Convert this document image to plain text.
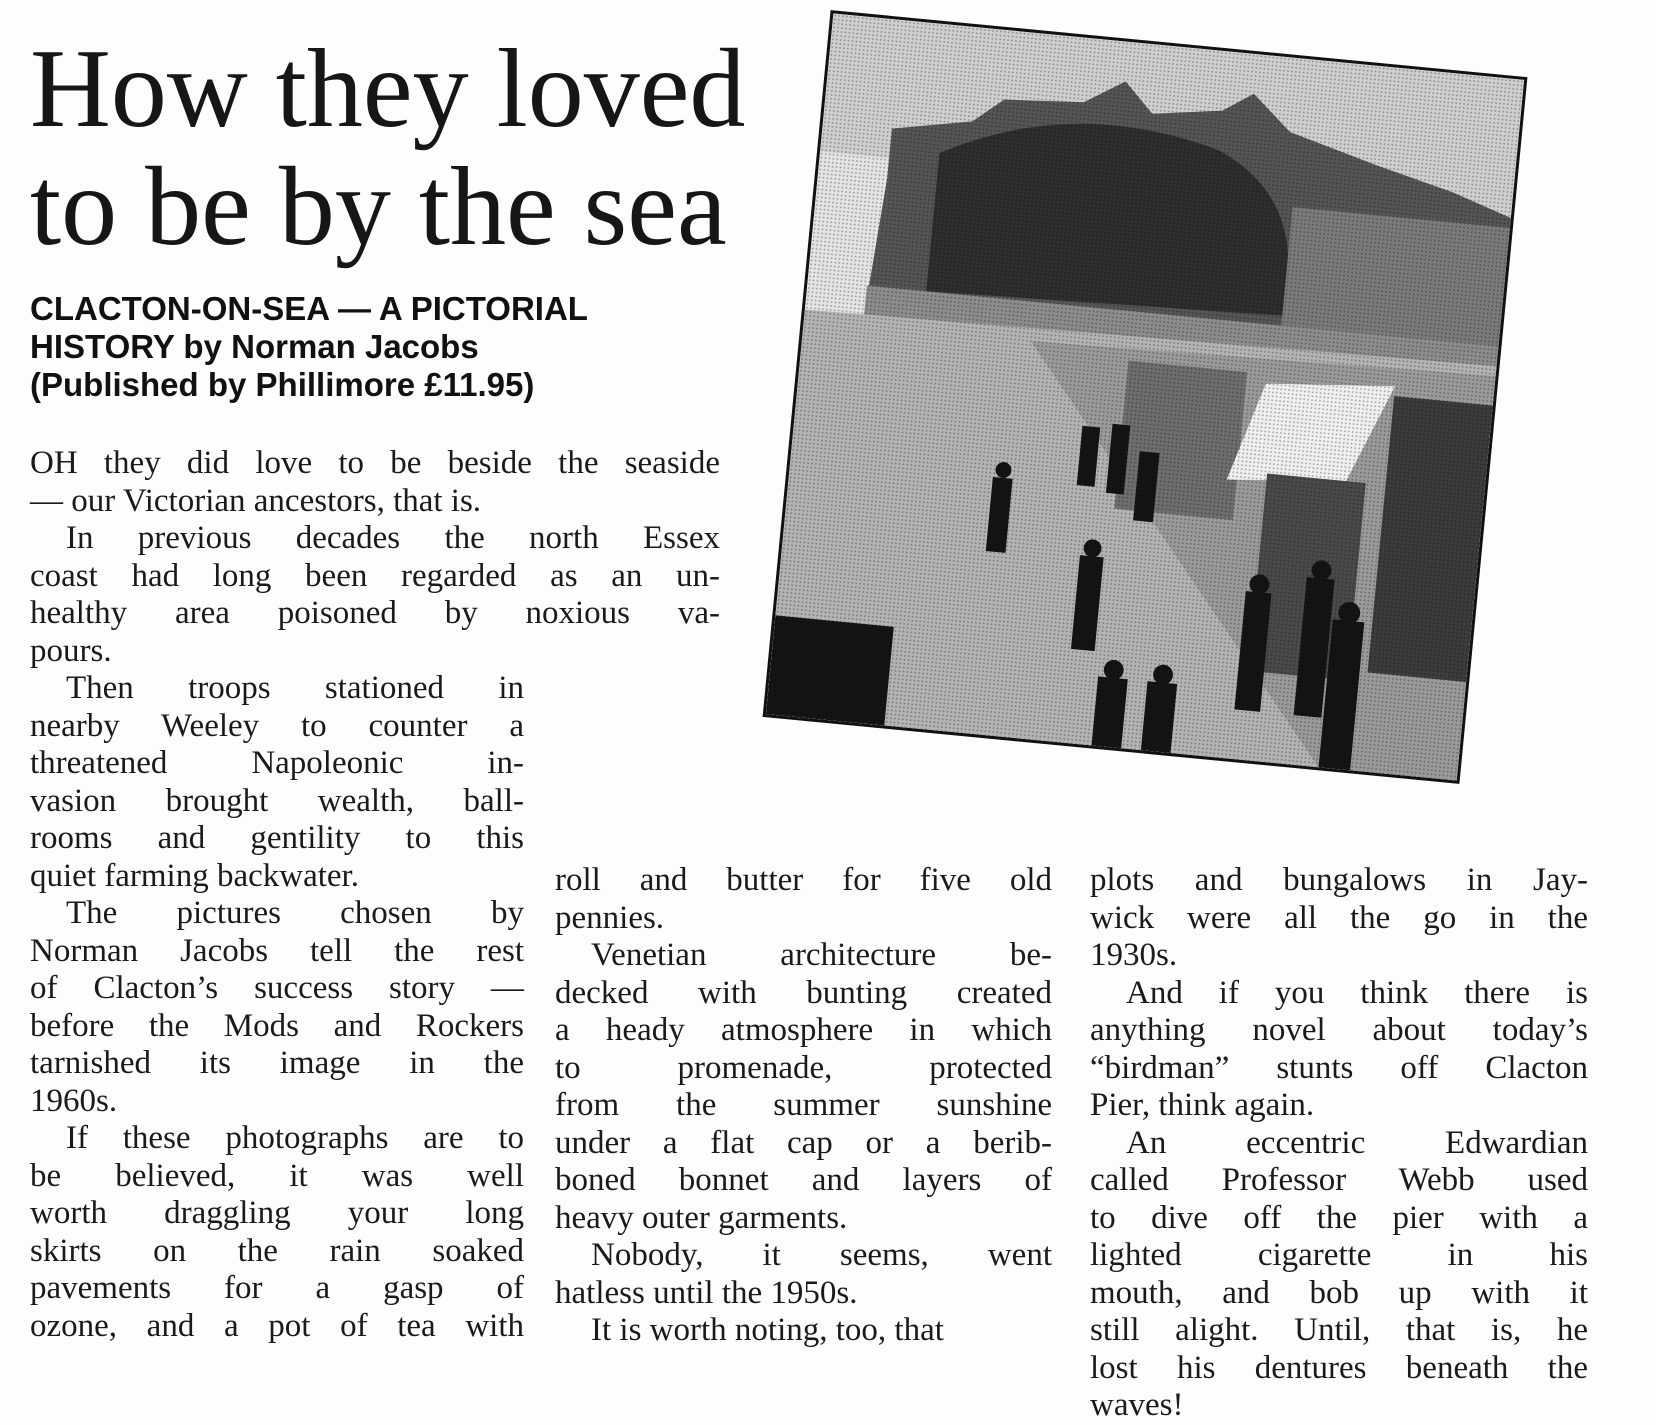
How they loved
to be by the sea
CLACTON-ON-SEA — A PICTORIAL
HISTORY by Norman Jacobs
(Published by Phillimore £11.95)
OH they did love to be beside the seaside
— our Victorian ancestors, that is.
In previous decades the north Essex
coast had long been regarded as an un-
healthy area poisoned by noxious va-
pours.
Then troops stationed in
nearby Weeley to counter a
threatened Napoleonic in-
vasion brought wealth, ball-
rooms and gentility to this
quiet farming backwater.
The pictures chosen by
Norman Jacobs tell the rest
of Clacton’s success story —
before the Mods and Rockers
tarnished its image in the
1960s.
If these photographs are to
be believed, it was well
worth draggling your long
skirts on the rain soaked
pavements for a gasp of
ozone, and a pot of tea with
roll and butter for five old
pennies.
Venetian architecture be-
decked with bunting created
a heady atmosphere in which
to promenade, protected
from the summer sunshine
under a flat cap or a berib-
boned bonnet and layers of
heavy outer garments.
Nobody, it seems, went
hatless until the 1950s.
It is worth noting, too, that
plots and bungalows in Jay-
wick were all the go in the
1930s.
And if you think there is
anything novel about today’s
“birdman” stunts off Clacton
Pier, think again.
An eccentric Edwardian
called Professor Webb used
to dive off the pier with a
lighted cigarette in his
mouth, and bob up with it
still alight. Until, that is, he
lost his dentures beneath the
waves!
